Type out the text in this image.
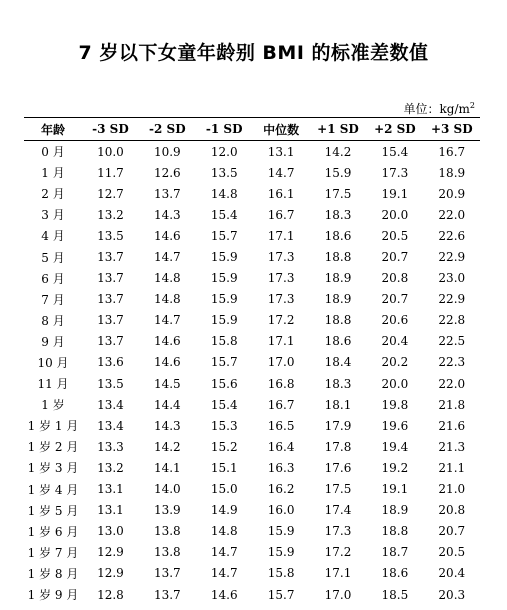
7 岁以下女童年龄别 BMI 的标准差数值
单位：$kg/m^2$
年龄	-3 SD	-2 SD	-1 SD	中位数	+1 SD	+2 SD	+3 SD
0 月	10.0	10.9	12.0	13.1	14.2	15.4	16.7
1 月	11.7	12.6	13.5	14.7	15.9	17.3	18.9
2 月	12.7	13.7	14.8	16.1	17.5	19.1	20.9
3 月	13.2	14.3	15.4	16.7	18.3	20.0	22.0
4 月	13.5	14.6	15.7	17.1	18.6	20.5	22.6
5 月	13.7	14.7	15.9	17.3	18.8	20.7	22.9
6 月	13.7	14.8	15.9	17.3	18.9	20.8	23.0
7 月	13.7	14.8	15.9	17.3	18.9	20.7	22.9
8 月	13.7	14.7	15.9	17.2	18.8	20.6	22.8
9 月	13.7	14.6	15.8	17.1	18.6	20.4	22.5
10 月	13.6	14.6	15.7	17.0	18.4	20.2	22.3
11 月	13.5	14.5	15.6	16.8	18.3	20.0	22.0
1 岁	13.4	14.4	15.4	16.7	18.1	19.8	21.8
1 岁 1 月	13.4	14.3	15.3	16.5	17.9	19.6	21.6
1 岁 2 月	13.3	14.2	15.2	16.4	17.8	19.4	21.3
1 岁 3 月	13.2	14.1	15.1	16.3	17.6	19.2	21.1
1 岁 4 月	13.1	14.0	15.0	16.2	17.5	19.1	21.0
1 岁 5 月	13.1	13.9	14.9	16.0	17.4	18.9	20.8
1 岁 6 月	13.0	13.8	14.8	15.9	17.3	18.8	20.7
1 岁 7 月	12.9	13.8	14.7	15.9	17.2	18.7	20.5
1 岁 8 月	12.9	13.7	14.7	15.8	17.1	18.6	20.4
1 岁 9 月	12.8	13.7	14.6	15.7	17.0	18.5	20.3
